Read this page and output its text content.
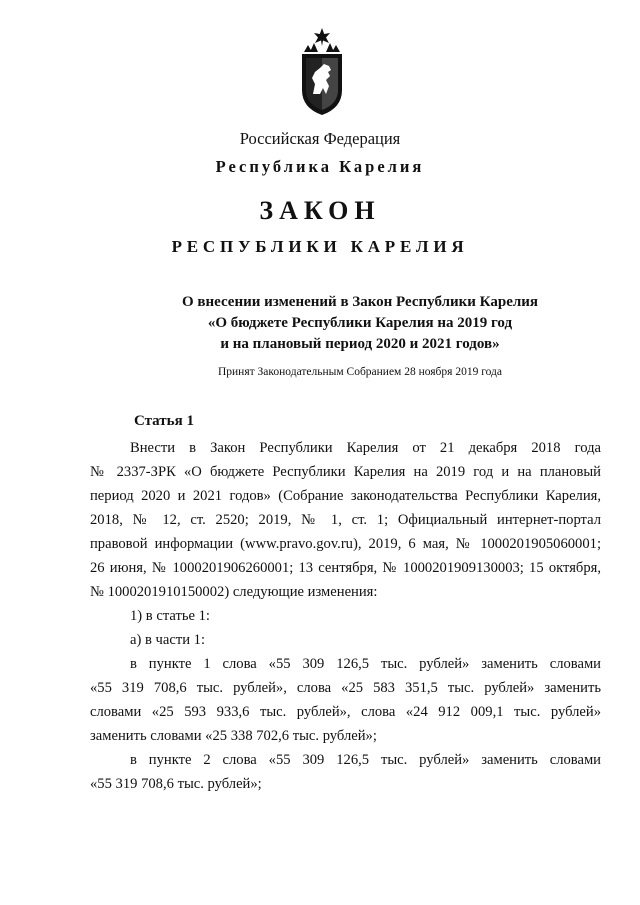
Российская Федерация
Республика Карелия
ЗАКОН
РЕСПУБЛИКИ КАРЕЛИЯ
О внесении изменений в Закон Республики Карелия
«О бюджете Республики Карелия на 2019 год
и на плановый период 2020 и 2021 годов»
Принят Законодательным Собранием 28 ноября 2019 года
Статья 1
Внести в Закон Республики Карелия от 21 декабря 2018 года
№ 2337-ЗРК «О бюджете Республики Карелия на 2019 год и на плановый
период 2020 и 2021 годов» (Собрание законодательства Республики Карелия,
2018, № 12, ст. 2520; 2019, № 1, ст. 1; Официальный интернет-портал
правовой информации (www.pravo.gov.ru), 2019, 6 мая, № 1000201905060001;
26 июня, № 1000201906260001; 13 сентября, № 1000201909130003; 15 октября,
№ 1000201910150002) следующие изменения:
1) в статье 1:
а) в части 1:
в пункте 1 слова «55 309 126,5 тыс. рублей» заменить словами
«55 319 708,6 тыс. рублей», слова «25 583 351,5 тыс. рублей» заменить
словами «25 593 933,6 тыс. рублей», слова «24 912 009,1 тыс. рублей»
заменить словами «25 338 702,6 тыс. рублей»;
в пункте 2 слова «55 309 126,5 тыс. рублей» заменить словами
«55 319 708,6 тыс. рублей»;
